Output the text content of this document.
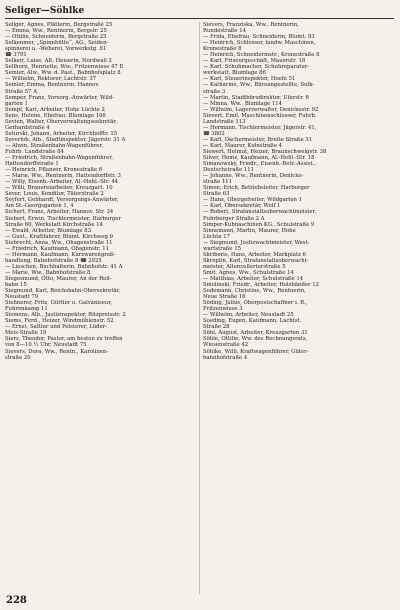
Seliger—Söhlke
Seliger, Agnes, Plätterin, Bergstraße 25
— Emma, Ww., Rentnerin, Bergstr. 25
— Ottilie, Schneiderin, Bergstraße 25
Selkenmer, „Spinnhütte“, AG., Seiden-
spinnerei u. -Weberei, Vorwerkstg. 81
☎ 3791
Selkeir, Luise, Alt. Heiserin, Nordwall 2
Sellhorn, Henriette, Ww., Fritzenwiese 47 E
Semler, Alw., Ww. d. Past., Bahnhofsplatz 8
— Wilhelm, Rektorer, Lachtstr. 37
Semler, Emma, Rentnerin, Hannov.
Straße 57 A
Semper, Franz, Vorsorg.-Anwärter, Wild-
garten 1
Sempf, Karl, Arbeiter, Hohe Lüchte 2
Sens, Helene, Ehefrau, Blumlage 106
Sevien, Walter, Oberverwaltungssekretär,
Gerhardstraße 4
Seturski, Johann, Arbeiter, Kirchhofftr. 15
Severlob, Alb., Stadtinspektor, Jägerstr. 31 A
— Alwin, Straßenbahn-Wagenführer,
Fuhrb. Landstraße 84
— Friedrich, Straßenbahn-Wagenführer,
Hattendorffstraße 1
— Heinrich, Pflanzer, Kronestraße 6
— Marie, Ww., Rentnerin, Hattendorffstr. 3
— Willy, Eisenb.-Arbeiter, Al.-Hehl.-Str. 44
— Willi, Brauereiarbeiter, Kreuzgart. 10
Sever, Louis, Konditor, Täterstraße 2
Seyfert, Gebhardt, Versorgungs-Anwärter,
Am St.-Georgsgarten 1, 4
Sichert, Franz, Arbeiter, Hannov. Str. 34
Siebert, Erwin, Tischlermeister, Harburger
Straße 60, Werkstatt Kirchstraße 14
— Ewald, Arbeiter, Blumlage 83
— Gust., Kraftfahrer, Blumt. Kirchweg 9
Siebrecht, Anna, Ww., Ohagenstraße 11
— Friedrich, Kaufmann, Ohagenstr. 11
— Hermann, Kaufmann, Kurzwarengroß-
handlung, Bahnhofstraße 8 ☎ 2925
— Lieschen, Buchhalterin, Bahnhofstr. 41 A
— Marie, Ww., Bahnhofstraße 8
Siegesmund, Otto, Maurer, An der Reit-
bahn 15
Siegmund, Karl, Reichsbahn-Obersekretär,
Neustadt 79
Siehnerer, Fritz, Gürtler u. Galvaniseur,
Fuhrenkamp 11
Siemens, Alb., Justizinspektor, Ritzpreisstr. 2
Siems, Ferd., Heizer, Windmühlenstr. 52
— Ernst, Sattler und Polsterer, Lüder-
Meis-Straße 19
Siers, Theodor, Pastor, am besten zu treffen
von 8—10 ½ Uhr, Neustadt 75
Sievers, Dora, Ww., Rentn., Karolinen-
straße 20
Sievers, Franziska, Ww., Rentnerin,
Rundestraße 14
— Frida, Ehefrau, Schneiderin, Blumt. 93
— Heinrich, Schlosser, landw. Maschinen,
Kronestraße 8
— Heinrich, Schneidermstr., Kronestraße 8
— Karl, Friseurgeschäft, Mauerstr. 18
— Karl, Schuhmacher, Schuhreparatur-
werkstatt, Blumlage 86
— Karl, Steuerinspektor, Hoefe 51
— Katharine, Ww., Büroangestellte, Sulk-
straße 3
— Martin, Stadtbürodirektor, Uferstr. 6
— Minna, Ww., Blumlage 114
— Wilhelm, Lagerverwalter, Denickestr. 92
Sievert, Emil, Maschinenschlosser, Fuhrb.
Landstraße 113
— Hermann, Tischlermeister, Jägerstr. 41,
☎ 3802
— Karl, Dachermeister, Breite Straße 31
— Karl, Maurer, Kolnstraße 4
Siewert, Helmut, Heizer, Braunschweigstr. 38
Silver, Heinz, Kaufmann, Al.-Hehl.-Str. 18
Simanowsky, Friedr., Eisenb.-Betr.-Assist.,
Deutschstraße 111
— Johanne, Ww., Rentnerin, Denicke-
straße 111
Simon, Erich, Betriebsleiter, Harburger
Straße 63
— Hans, Obergefreiter, Wildgarten 1
— Karl, Obersekretär, Wolf 1
— Robert, Strafanstaltsoberwachtmeister,
Fuhrberger Straße 2 A
Simper-Kuhnaschinen KG., Schulstraße 9
Sinnemann, Martin, Maurer, Hohe
Lüchte 17
— Siegmund, Justizwachtmeister, West-
wartstraße 15
Skriboris, Hans, Arbeiter, Markplatz 6
Skroplin, Karl, Strafanstaltsoberwacht-
meister, Altencellertorstraße 5
Smit, Agnes, Ww., Schulstraße 14
— Matthias, Arbeiter, Schulstraße 14
Smolinski, Friedr., Arbeiter, Holzbänder 12
Sodemann, Christine, Ww., Rentnerin,
Neue Straße 16
Söding, Julius, Oberpostschaffner i. R.,
Fritzenwiese 3
— Wilhelm, Arbeiter, Neustadt 25
Soeding, Eugen, Kaufmann, Lachtst.
Straße 28
Söhl, August, Arbeiter, Kreuzgarten 31
Söhle, Ottilie, Ww. des Rechnungsrats,
Wiesenstraße 42
Söhlke, Willi, Kraftwagenführer, Güter-
bahnhofstraße 4
228
